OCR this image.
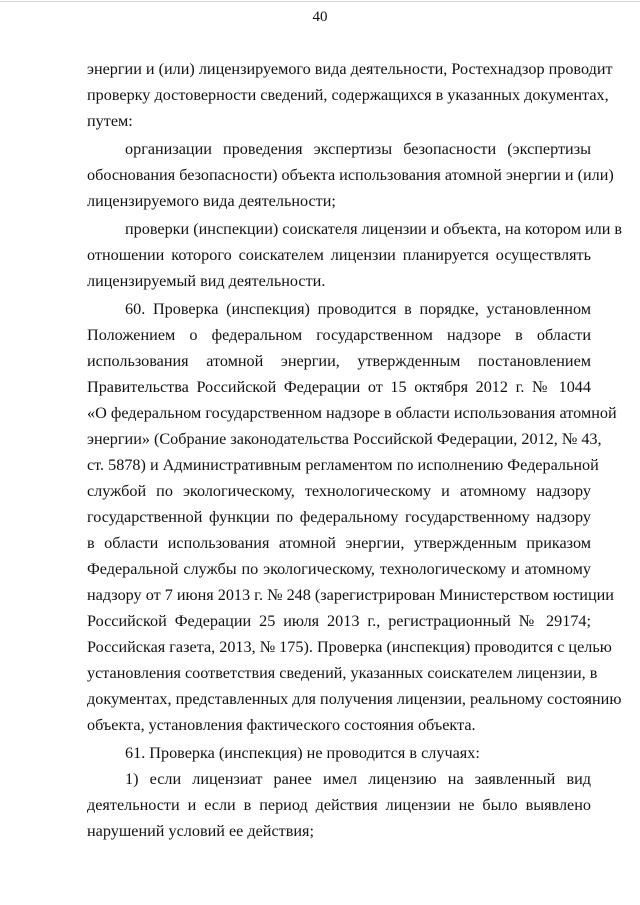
40
энергии и (или) лицензируемого вида деятельности, Ростехнадзор проводит
проверку достоверности сведений, содержащихся в указанных документах,
путем:
организации проведения экспертизы безопасности (экспертизы
обоснования безопасности) объекта использования атомной энергии и (или)
лицензируемого вида деятельности;
проверки (инспекции) соискателя лицензии и объекта, на котором или в
отношении которого соискателем лицензии планируется осуществлять
лицензируемый вид деятельности.
60. Проверка (инспекция) проводится в порядке, установленном
Положением о федеральном государственном надзоре в области
использования атомной энергии, утвержденным постановлением
Правительства Российской Федерации от 15 октября 2012 г. № 1044
«О федеральном государственном надзоре в области использования атомной
энергии» (Собрание законодательства Российской Федерации, 2012, № 43,
ст. 5878) и Административным регламентом по исполнению Федеральной
службой по экологическому, технологическому и атомному надзору
государственной функции по федеральному государственному надзору
в области использования атомной энергии, утвержденным приказом
Федеральной службы по экологическому, технологическому и атомному
надзору от 7 июня 2013 г. № 248 (зарегистрирован Министерством юстиции
Российской Федерации 25 июля 2013 г., регистрационный № 29174;
Российская газета, 2013, № 175). Проверка (инспекция) проводится с целью
установления соответствия сведений, указанных соискателем лицензии, в
документах, представленных для получения лицензии, реальному состоянию
объекта, установления фактического состояния объекта.
61. Проверка (инспекция) не проводится в случаях:
1) если лицензиат ранее имел лицензию на заявленный вид
деятельности и если в период действия лицензии не было выявлено
нарушений условий ее действия;
